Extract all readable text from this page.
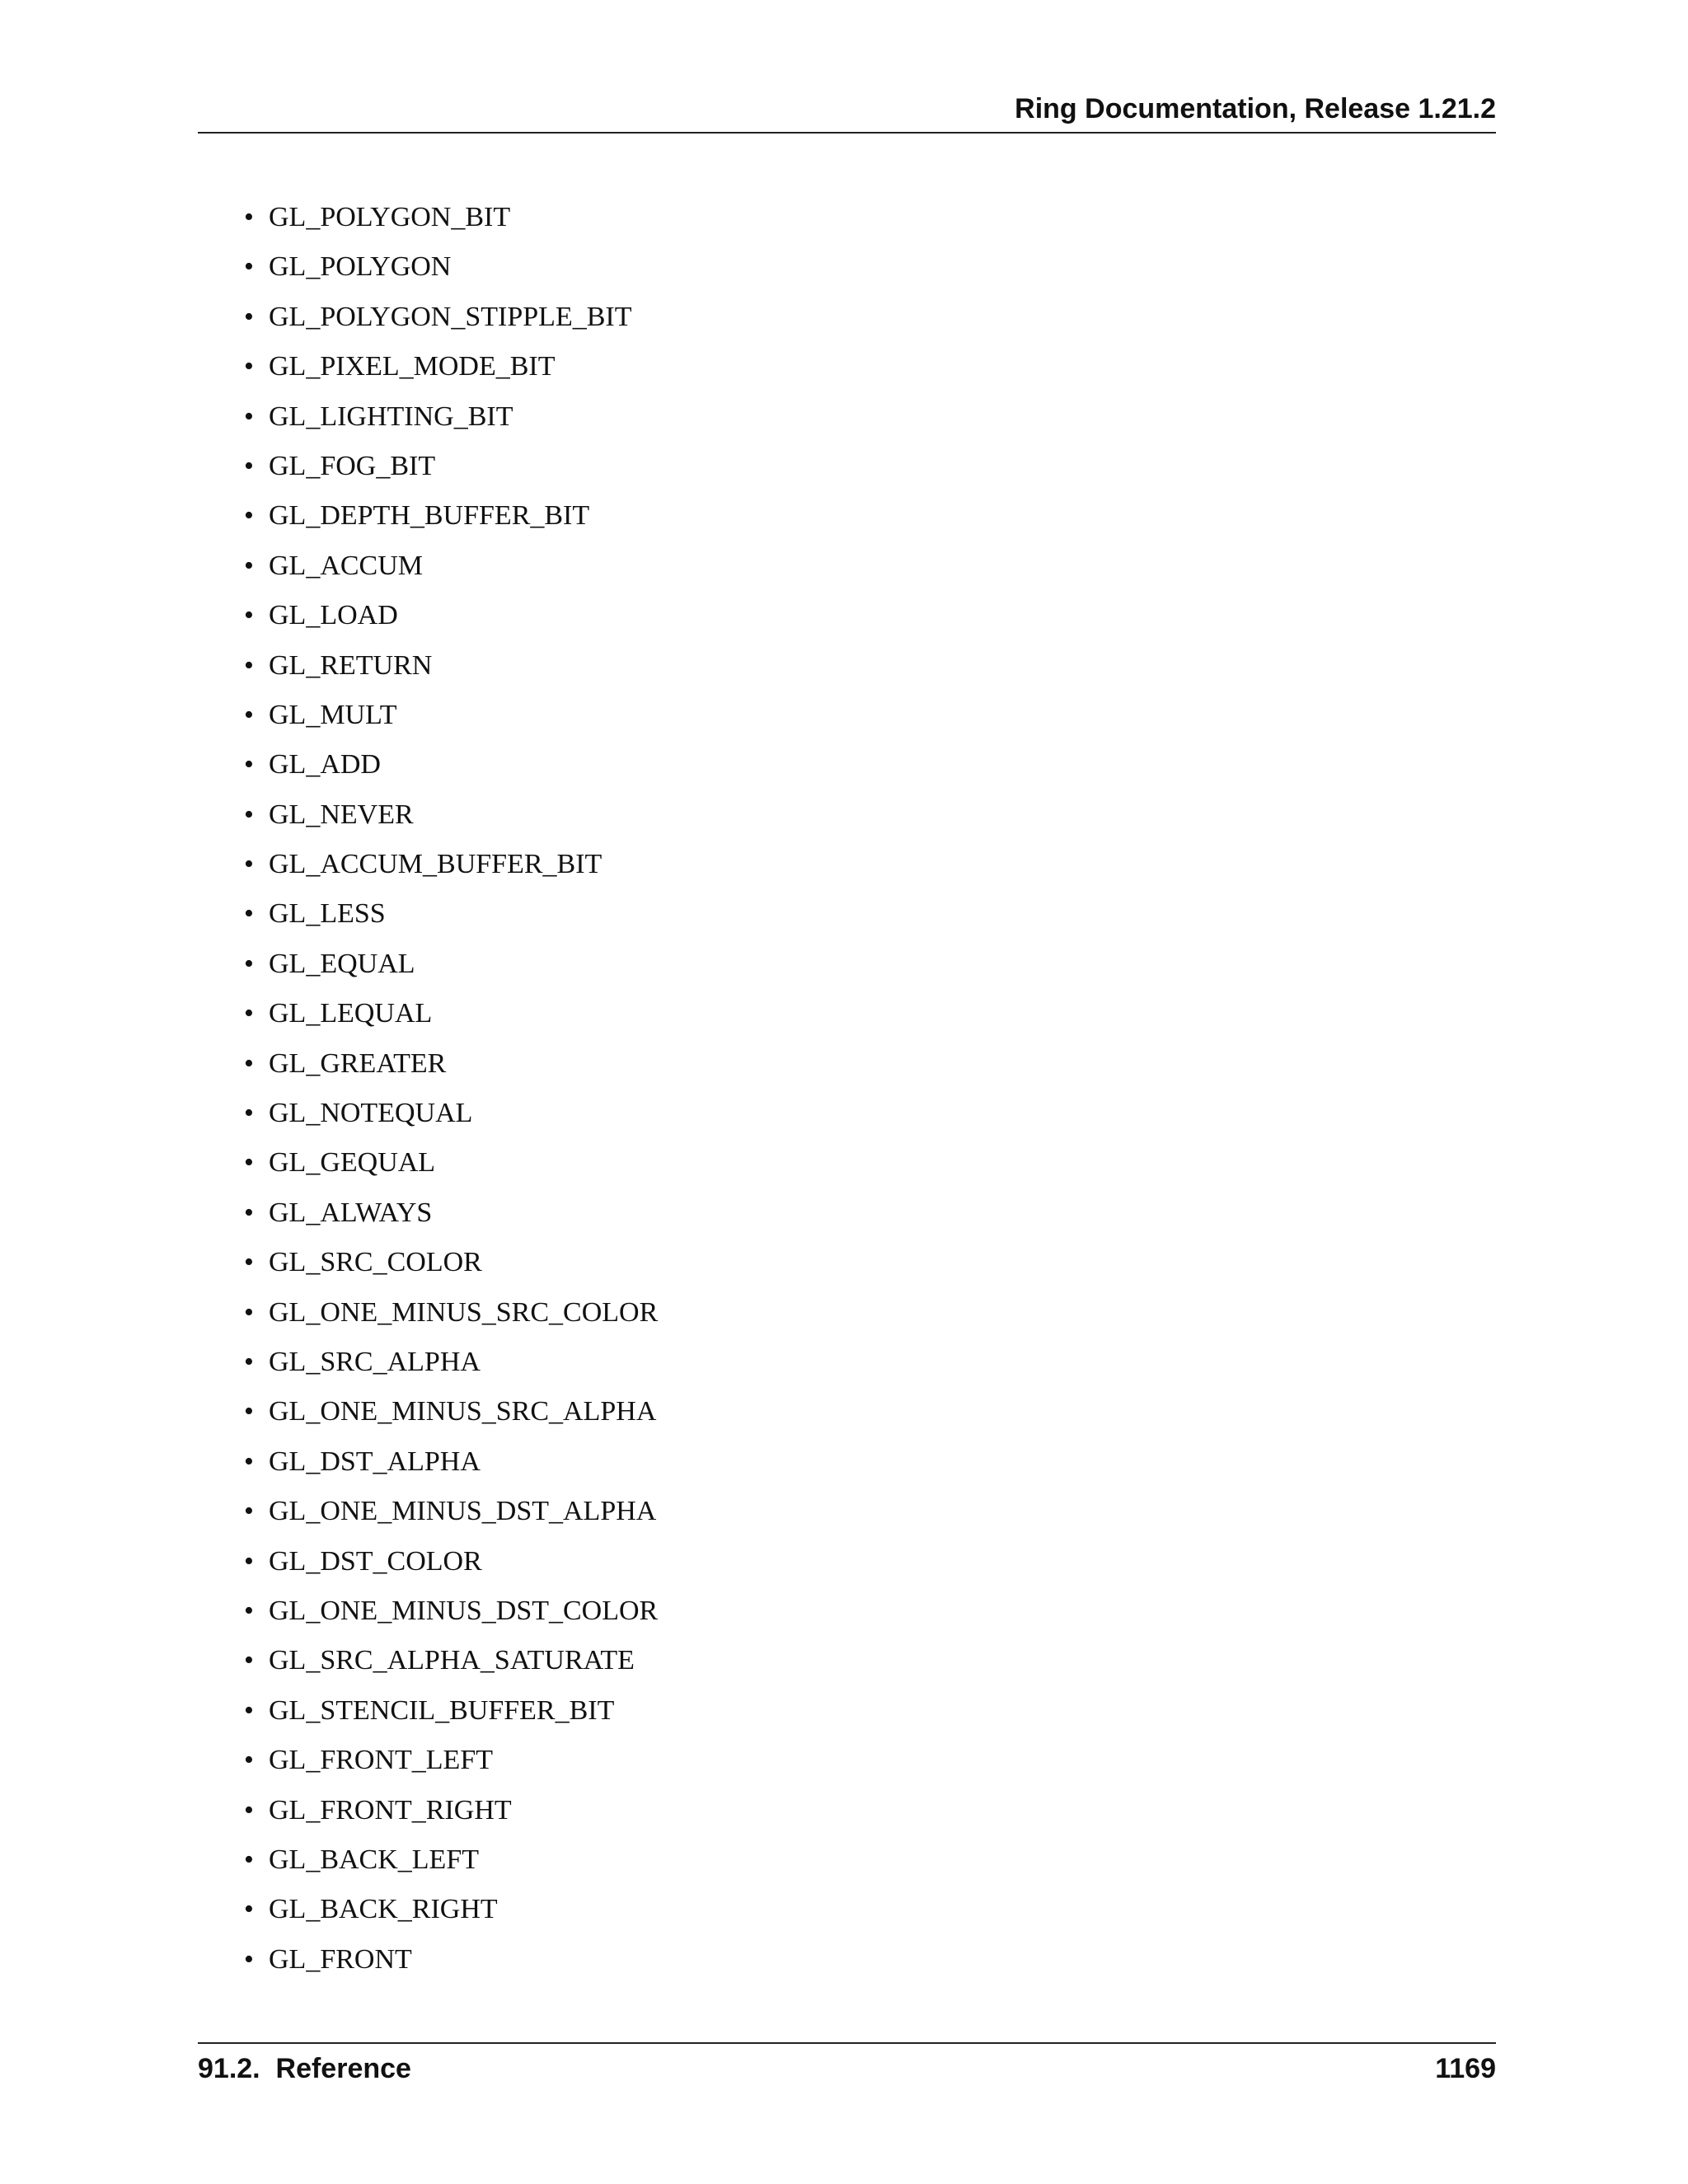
Ring Documentation, Release 1.21.2
• GL_POLYGON_BIT
• GL_POLYGON
• GL_POLYGON_STIPPLE_BIT
• GL_PIXEL_MODE_BIT
• GL_LIGHTING_BIT
• GL_FOG_BIT
• GL_DEPTH_BUFFER_BIT
• GL_ACCUM
• GL_LOAD
• GL_RETURN
• GL_MULT
• GL_ADD
• GL_NEVER
• GL_ACCUM_BUFFER_BIT
• GL_LESS
• GL_EQUAL
• GL_LEQUAL
• GL_GREATER
• GL_NOTEQUAL
• GL_GEQUAL
• GL_ALWAYS
• GL_SRC_COLOR
• GL_ONE_MINUS_SRC_COLOR
• GL_SRC_ALPHA
• GL_ONE_MINUS_SRC_ALPHA
• GL_DST_ALPHA
• GL_ONE_MINUS_DST_ALPHA
• GL_DST_COLOR
• GL_ONE_MINUS_DST_COLOR
• GL_SRC_ALPHA_SATURATE
• GL_STENCIL_BUFFER_BIT
• GL_FRONT_LEFT
• GL_FRONT_RIGHT
• GL_BACK_LEFT
• GL_BACK_RIGHT
• GL_FRONT
91.2.  Reference	1169
